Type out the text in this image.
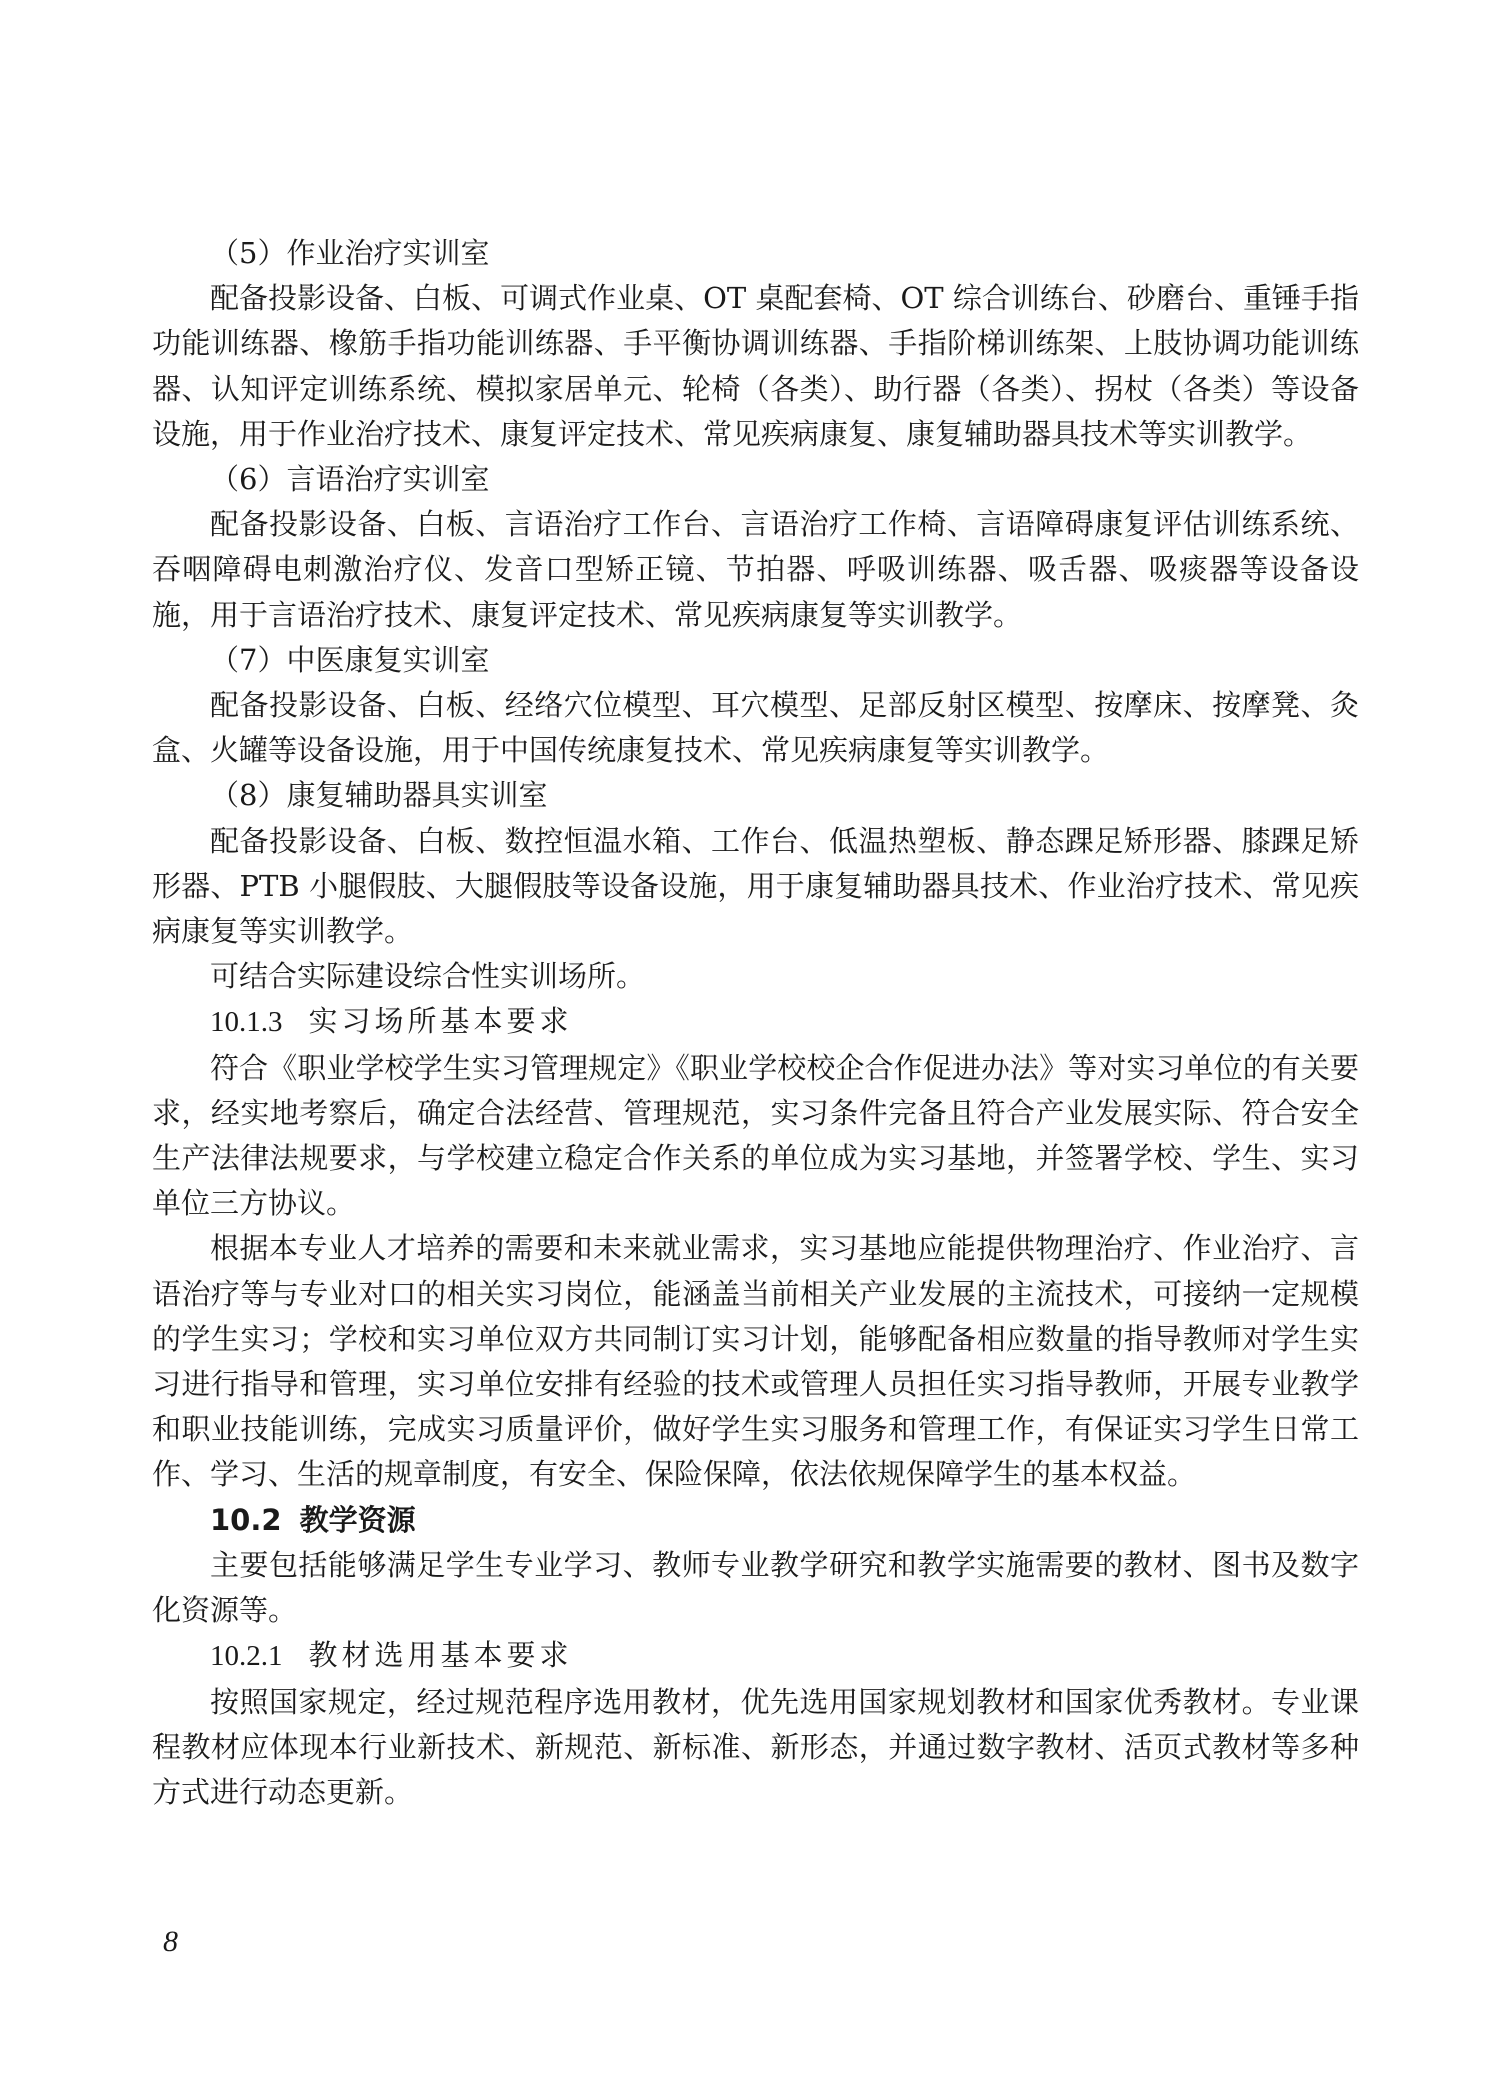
（5）作业治疗实训室

配备投影设备、白板、可调式作业桌、OT 桌配套椅、OT 综合训练台、砂磨台、重锤手指功能训练器、橡筋手指功能训练器、手平衡协调训练器、手指阶梯训练架、上肢协调功能训练器、认知评定训练系统、模拟家居单元、轮椅（各类）、助行器（各类）、拐杖（各类）等设备设施，用于作业治疗技术、康复评定技术、常见疾病康复、康复辅助器具技术等实训教学。

（6）言语治疗实训室

配备投影设备、白板、言语治疗工作台、言语治疗工作椅、言语障碍康复评估训练系统、吞咽障碍电刺激治疗仪、发音口型矫正镜、节拍器、呼吸训练器、吸舌器、吸痰器等设备设施，用于言语治疗技术、康复评定技术、常见疾病康复等实训教学。

（7）中医康复实训室

配备投影设备、白板、经络穴位模型、耳穴模型、足部反射区模型、按摩床、按摩凳、灸盒、火罐等设备设施，用于中国传统康复技术、常见疾病康复等实训教学。

（8）康复辅助器具实训室

配备投影设备、白板、数控恒温水箱、工作台、低温热塑板、静态踝足矫形器、膝踝足矫形器、PTB 小腿假肢、大腿假肢等设备设施，用于康复辅助器具技术、作业治疗技术、常见疾病康复等实训教学。

可结合实际建设综合性实训场所。

10.1.3 实习场所基本要求

符合《职业学校学生实习管理规定》《职业学校校企合作促进办法》等对实习单位的有关要求，经实地考察后，确定合法经营、管理规范，实习条件完备且符合产业发展实际、符合安全生产法律法规要求，与学校建立稳定合作关系的单位成为实习基地，并签署学校、学生、实习单位三方协议。

根据本专业人才培养的需要和未来就业需求，实习基地应能提供物理治疗、作业治疗、言语治疗等与专业对口的相关实习岗位，能涵盖当前相关产业发展的主流技术，可接纳一定规模的学生实习；学校和实习单位双方共同制订实习计划，能够配备相应数量的指导教师对学生实习进行指导和管理，实习单位安排有经验的技术或管理人员担任实习指导教师，开展专业教学和职业技能训练，完成实习质量评价，做好学生实习服务和管理工作，有保证实习学生日常工作、学习、生活的规章制度，有安全、保险保障，依法依规保障学生的基本权益。

10.2 教学资源

主要包括能够满足学生专业学习、教师专业教学研究和教学实施需要的教材、图书及数字化资源等。

10.2.1 教材选用基本要求

按照国家规定，经过规范程序选用教材，优先选用国家规划教材和国家优秀教材。专业课程教材应体现本行业新技术、新规范、新标准、新形态，并通过数字教材、活页式教材等多种方式进行动态更新。

8
